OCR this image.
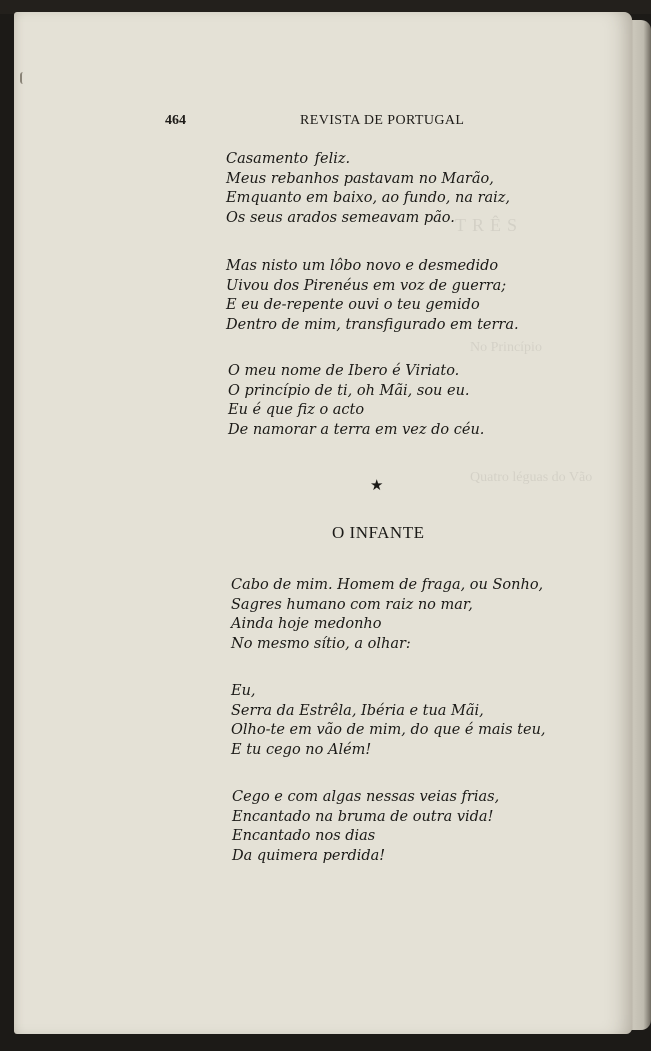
TRÊS
No Princípio
Quatro léguas do Vão
464	REVISTA DE PORTUGAL
Casamento feliz.
Meus rebanhos pastavam no Marão,
Emquanto em baixo, ao fundo, na raiz,
Os seus arados semeavam pão.
Mas nisto um lôbo novo e desmedido
Uivou dos Pirenéus em voz de guerra;
E eu de-repente ouvi o teu gemido
Dentro de mim, transfigurado em terra.
O meu nome de Ibero é Viriato.
O princípio de ti, oh Mãi, sou eu.
Eu é que fiz o acto
De namorar a terra em vez do céu.
★
O INFANTE
Cabo de mim. Homem de fraga, ou Sonho,
Sagres humano com raiz no mar,
Ainda hoje medonho
No mesmo sítio, a olhar:
Eu,
Serra da Estrêla, Ibéria e tua Mãi,
Olho-te em vão de mim, do que é mais teu,
E tu cego no Além!
Cego e com algas nessas veias frias,
Encantado na bruma de outra vida!
Encantado nos dias
Da quimera perdida!
